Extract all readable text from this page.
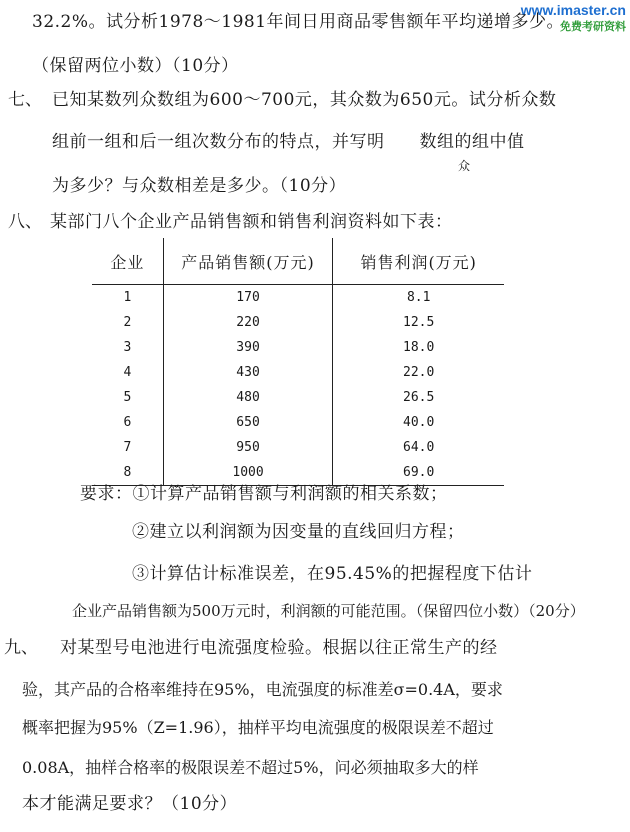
www.imaster.cn
免费考研资料
32.2%。试分析1978～1981年间日用商品零售额年平均递增多少。
（保留两位小数）（10分）
七、 已知某数列众数组为600～700元，其众数为650元。试分析众数
组前一组和后一组次数分布的特点，并写明　　数组的组中值
众
为多少？与众数相差是多少。（10分）
八、 某部门八个企业产品销售额和销售利润资料如下表：
企业	产品销售额(万元)	销售利润(万元)
1	170	8.1
2	220	12.5
3	390	18.0
4	430	22.0
5	480	26.5
6	650	40.0
7	950	64.0
8	1000	69.0
要求：①计算产品销售额与利润额的相关系数；
②建立以利润额为因变量的直线回归方程；
③计算估计标准误差，在95.45%的把握程度下估计
企业产品销售额为500万元时，利润额的可能范围。（保留四位小数）（20分）
九、 对某型号电池进行电流强度检验。根据以往正常生产的经
验，其产品的合格率维持在95%，电流强度的标准差σ=0.4A，要求
概率把握为95%（Z=1.96），抽样平均电流强度的极限误差不超过
0.08A，抽样合格率的极限误差不超过5%，问必须抽取多大的样
本才能满足要求？（10分）
